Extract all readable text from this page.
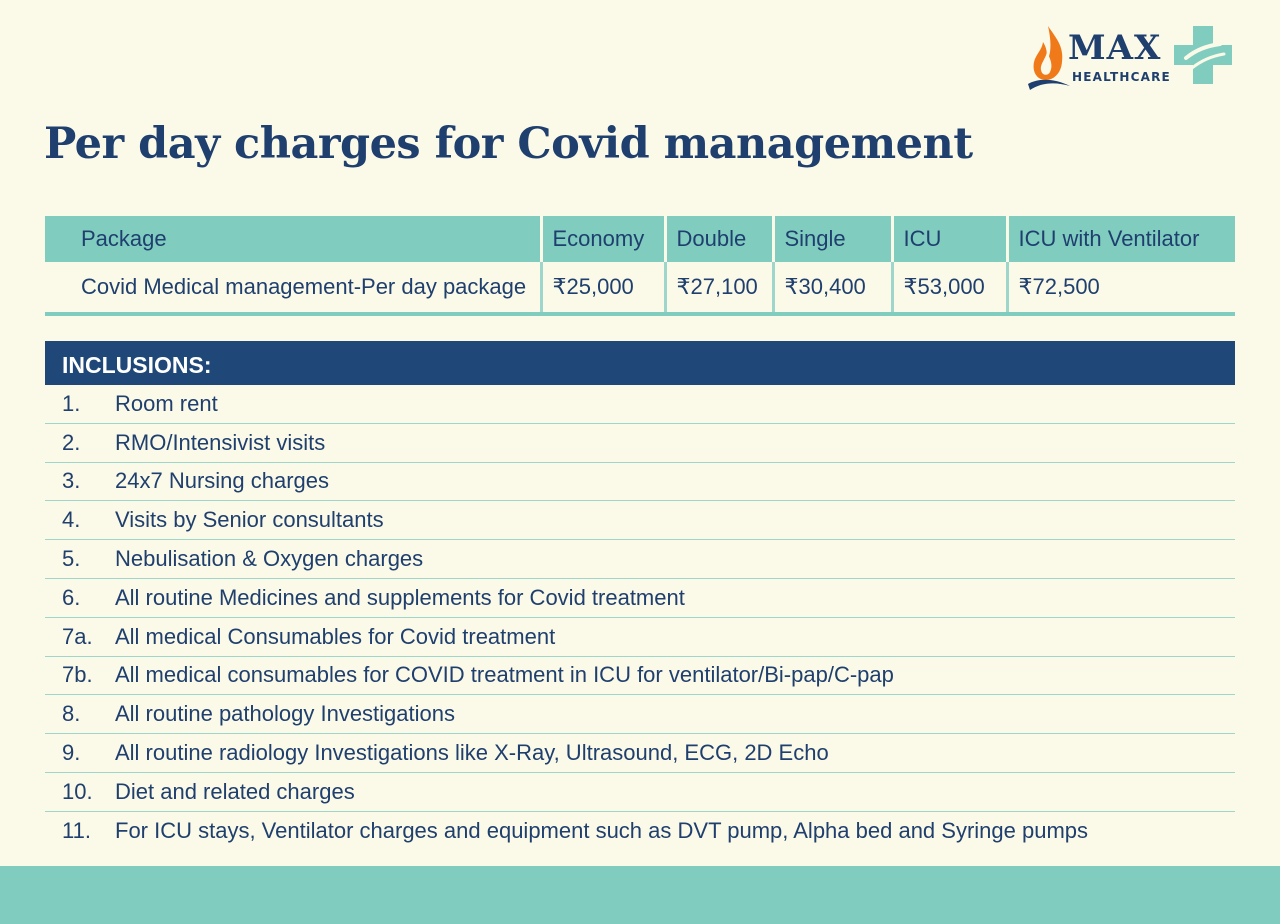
MAX
HEALTHCARE
Per day charges for Covid management
Package	Economy	Double	Single	ICU	ICU with Ventilator
Covid Medical management-Per day package	₹25,000	₹27,100	₹30,400	₹53,000	₹72,500
INCLUSIONS:
1.	Room rent
2.	RMO/Intensivist visits
3.	24x7 Nursing charges
4.	Visits by Senior consultants
5.	Nebulisation & Oxygen charges
6.	All routine Medicines and supplements for Covid treatment
7a.	All medical Consumables for Covid treatment
7b.	All medical consumables for COVID treatment in ICU for ventilator/Bi-pap/C-pap
8.	All routine pathology Investigations
9.	All routine radiology Investigations like X-Ray, Ultrasound, ECG, 2D Echo
10.	Diet and related charges
11.	For ICU stays, Ventilator charges and equipment such as DVT pump, Alpha bed and Syringe pumps
